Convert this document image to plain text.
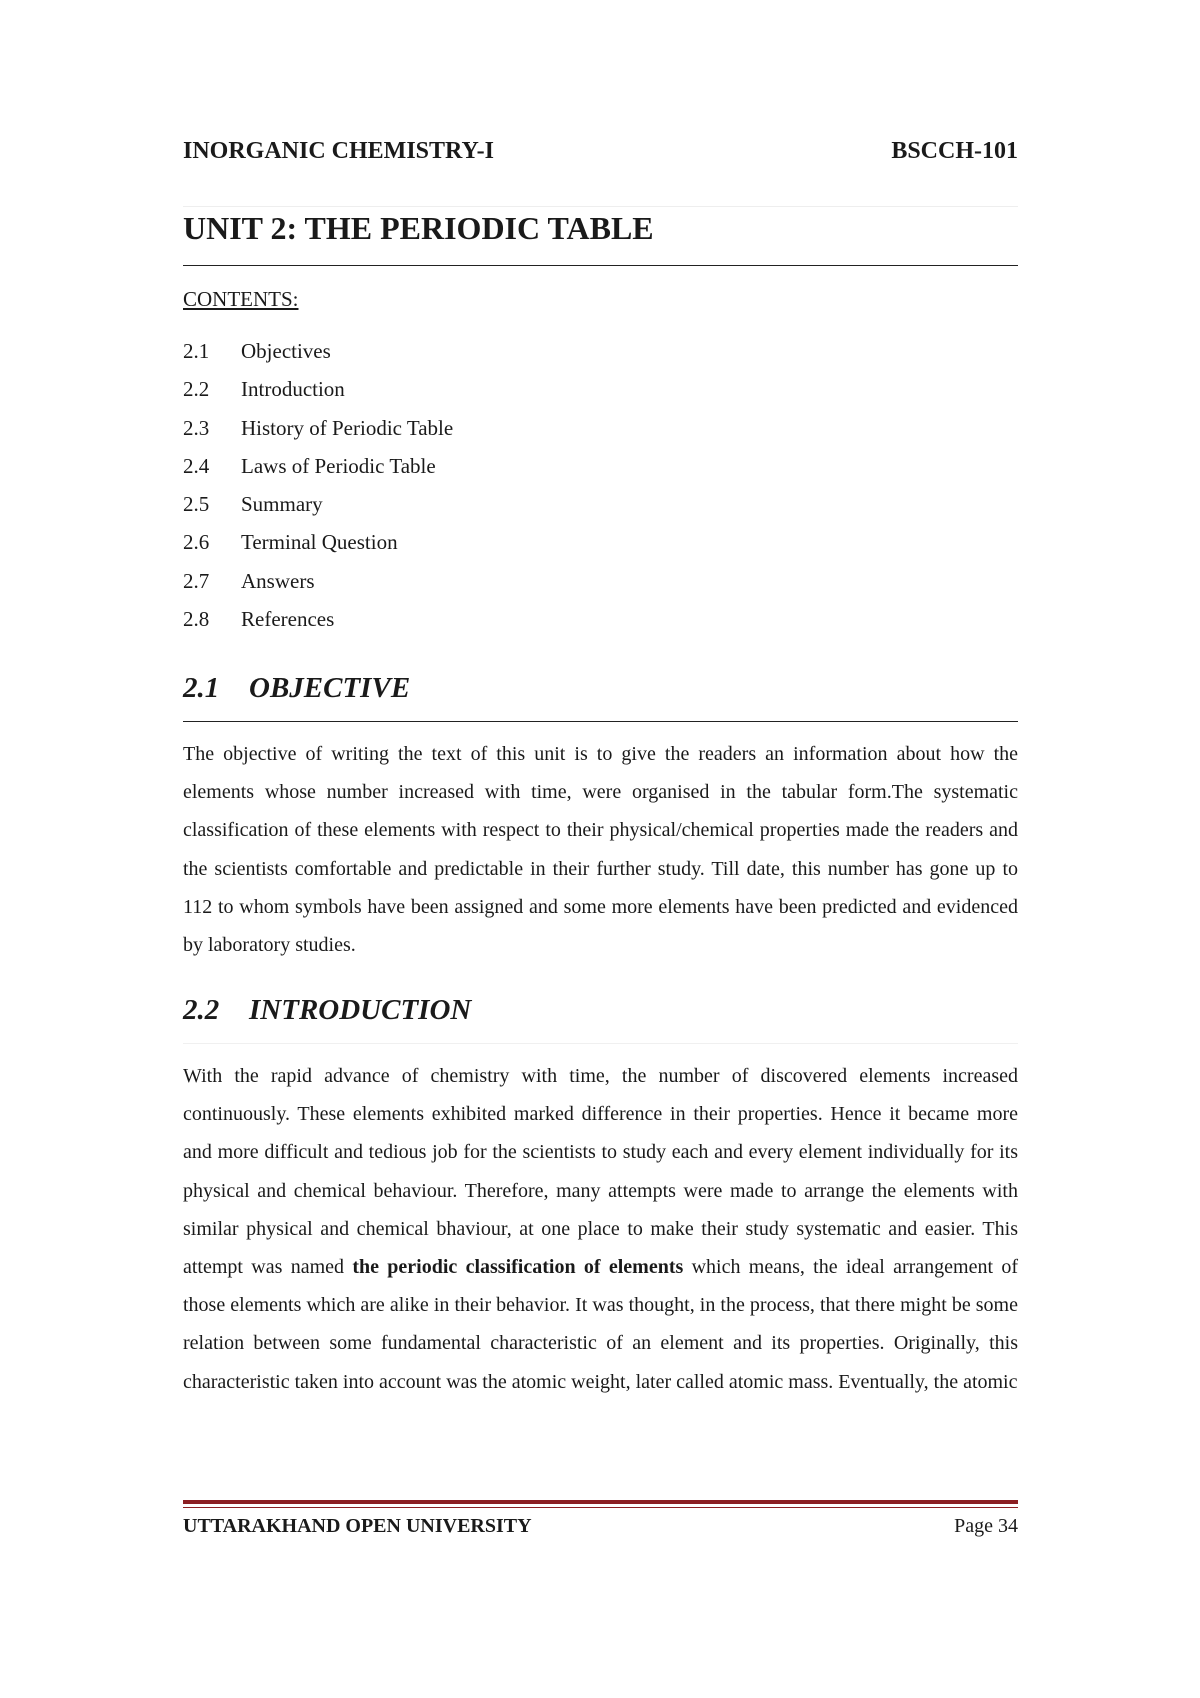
INORGANIC CHEMISTRY-I	BSCCH-101
UNIT 2: THE PERIODIC TABLE
CONTENTS:
2.1	Objectives
2.2	Introduction
2.3	History of Periodic Table
2.4	Laws of Periodic Table
2.5	Summary
2.6	Terminal Question
2.7	Answers
2.8	References
2.1	OBJECTIVE

The objective of writing the text of this unit is to give the readers an information about how the elements whose number increased with time, were organised in the tabular form.The systematic classification of these elements with respect to their physical/chemical properties made the readers and the scientists comfortable and predictable in their further study. Till date, this number has gone up to 112 to whom symbols have been assigned and some more elements have been predicted and evidenced by laboratory studies.

2.2	INTRODUCTION

With the rapid advance of chemistry with time, the number of discovered elements increased continuously. These elements exhibited marked difference in their properties. Hence it became more and more difficult and tedious job for the scientists to study each and every element individually for its physical and chemical behaviour. Therefore, many attempts were made to arrange the elements with similar physical and chemical bhaviour, at one place to make their study systematic and easier. This attempt was named the periodic classification of elements which means, the ideal arrangement of those elements which are alike in their behavior. It was thought, in the process, that there might be some relation between some fundamental characteristic of an element and its properties. Originally, this characteristic taken into account was the atomic weight, later called atomic mass. Eventually, the atomic

UTTARAKHAND OPEN UNIVERSITY	Page 34
